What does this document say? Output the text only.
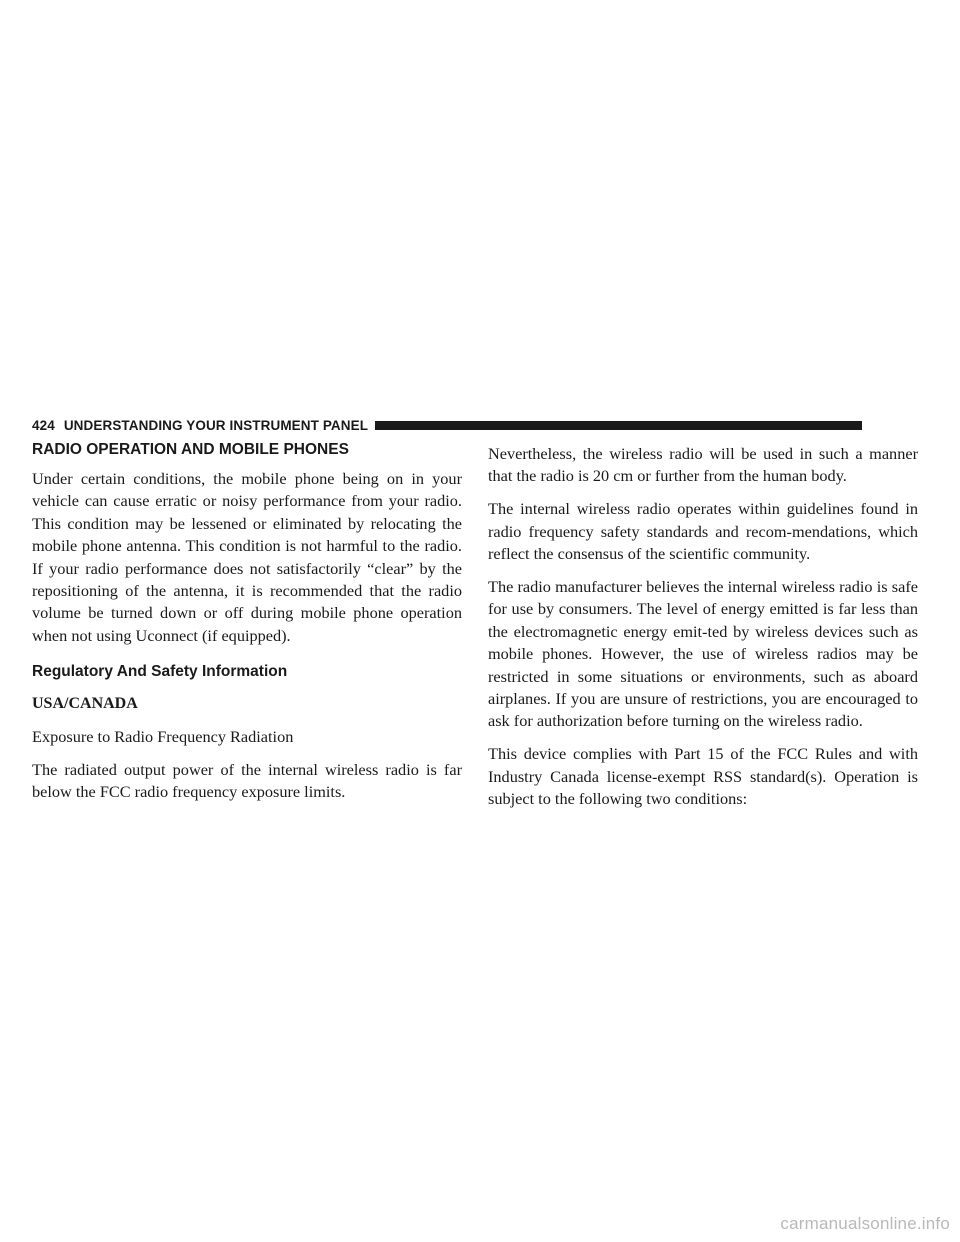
424 UNDERSTANDING YOUR INSTRUMENT PANEL
RADIO OPERATION AND MOBILE PHONES

Under certain conditions, the mobile phone being on in your vehicle can cause erratic or noisy performance from your radio. This condition may be lessened or eliminated by relocating the mobile phone antenna. This condition is not harmful to the radio. If your radio performance does not satisfactorily “clear” by the repositioning of the antenna, it is recommended that the radio volume be turned down or off during mobile phone operation when not using Uconnect (if equipped).

Regulatory And Safety Information

USA/CANADA

Exposure to Radio Frequency Radiation

The radiated output power of the internal wireless radio is far below the FCC radio frequency exposure limits.

Nevertheless, the wireless radio will be used in such a manner that the radio is 20 cm or further from the human body.

The internal wireless radio operates within guidelines found in radio frequency safety standards and recom-mendations, which reflect the consensus of the scientific community.

The radio manufacturer believes the internal wireless radio is safe for use by consumers. The level of energy emitted is far less than the electromagnetic energy emit-ted by wireless devices such as mobile phones. However, the use of wireless radios may be restricted in some situations or environments, such as aboard airplanes. If you are unsure of restrictions, you are encouraged to ask for authorization before turning on the wireless radio.

This device complies with Part 15 of the FCC Rules and with Industry Canada license-exempt RSS standard(s). Operation is subject to the following two conditions:

carmanualsonline.info
